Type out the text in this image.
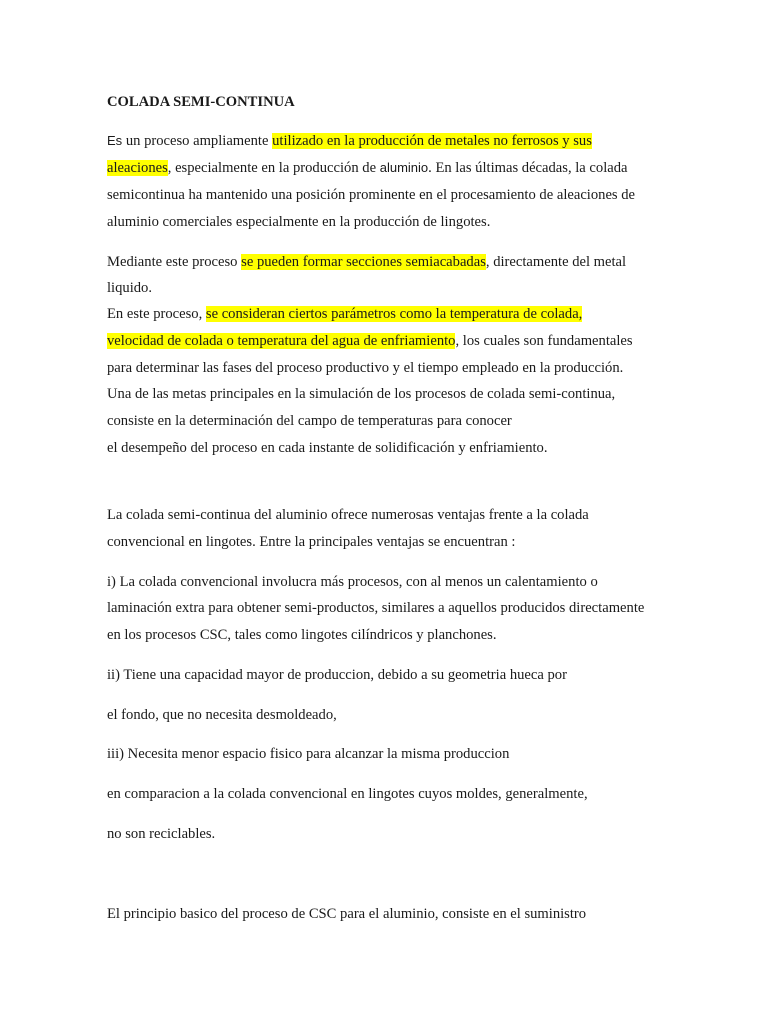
COLADA SEMI-CONTINUA
Es un proceso ampliamente utilizado en la producción de metales no ferrosos y sus
aleaciones, especialmente en la producción de aluminio. En las últimas décadas, la colada
semicontinua ha mantenido una posición prominente en el procesamiento de aleaciones de
aluminio comerciales especialmente en la producción de lingotes.
Mediante este proceso se pueden formar secciones semiacabadas, directamente del metal
liquido.
En este proceso, se consideran ciertos parámetros como la temperatura de colada,
velocidad de colada o temperatura del agua de enfriamiento, los cuales son fundamentales
para determinar las fases del proceso productivo y el tiempo empleado en la producción.
Una de las metas principales en la simulación de los procesos de colada semi-continua,
consiste en la determinación del campo de temperaturas para conocer
el desempeño del proceso en cada instante de solidificación y enfriamiento.
La colada semi-continua del aluminio ofrece numerosas ventajas frente a la colada
convencional en lingotes. Entre la principales ventajas se encuentran :
i) La colada convencional involucra más procesos, con al menos un calentamiento o
laminación extra para obtener semi-productos, similares a aquellos producidos directamente
en los procesos CSC, tales como lingotes cilíndricos y planchones.
ii) Tiene una capacidad mayor de produccion, debido a su geometria hueca por
el fondo, que no necesita desmoldeado,
iii) Necesita menor espacio fisico para alcanzar la misma produccion
en comparacion a la colada convencional en lingotes cuyos moldes, generalmente,
no son reciclables.
El principio basico del proceso de CSC para el aluminio, consiste en el suministro
